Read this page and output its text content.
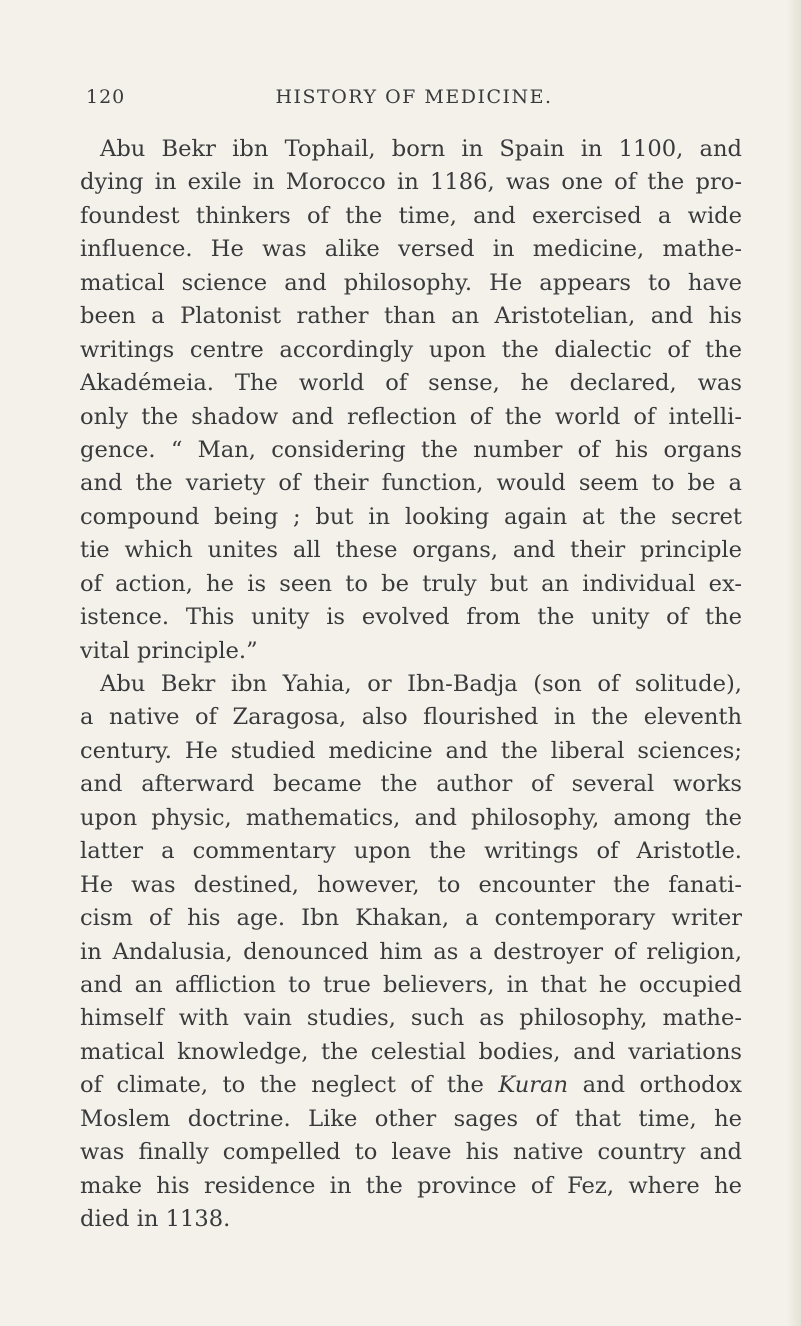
120	HISTORY OF MEDICINE.
Abu Bekr ibn Tophail, born in Spain in 1100, and
dying in exile in Morocco in 1186, was one of the pro-
foundest thinkers of the time, and exercised a wide
influence. He was alike versed in medicine, mathe-
matical science and philosophy. He appears to have
been a Platonist rather than an Aristotelian, and his
writings centre accordingly upon the dialectic of the
Akadémeia. The world of sense, he declared, was
only the shadow and reflection of the world of intelli-
gence. “ Man, considering the number of his organs
and the variety of their function, would seem to be a
compound being ; but in looking again at the secret
tie which unites all these organs, and their principle
of action, he is seen to be truly but an individual ex-
istence. This unity is evolved from the unity of the
vital principle.”
Abu Bekr ibn Yahia, or Ibn-Badja (son of solitude),
a native of Zaragosa, also flourished in the eleventh
century. He studied medicine and the liberal sciences;
and afterward became the author of several works
upon physic, mathematics, and philosophy, among the
latter a commentary upon the writings of Aristotle.
He was destined, however, to encounter the fanati-
cism of his age. Ibn Khakan, a contemporary writer
in Andalusia, denounced him as a destroyer of religion,
and an affliction to true believers, in that he occupied
himself with vain studies, such as philosophy, mathe-
matical knowledge, the celestial bodies, and variations
of climate, to the neglect of the Kuran and orthodox
Moslem doctrine. Like other sages of that time, he
was finally compelled to leave his native country and
make his residence in the province of Fez, where he
died in 1138.
